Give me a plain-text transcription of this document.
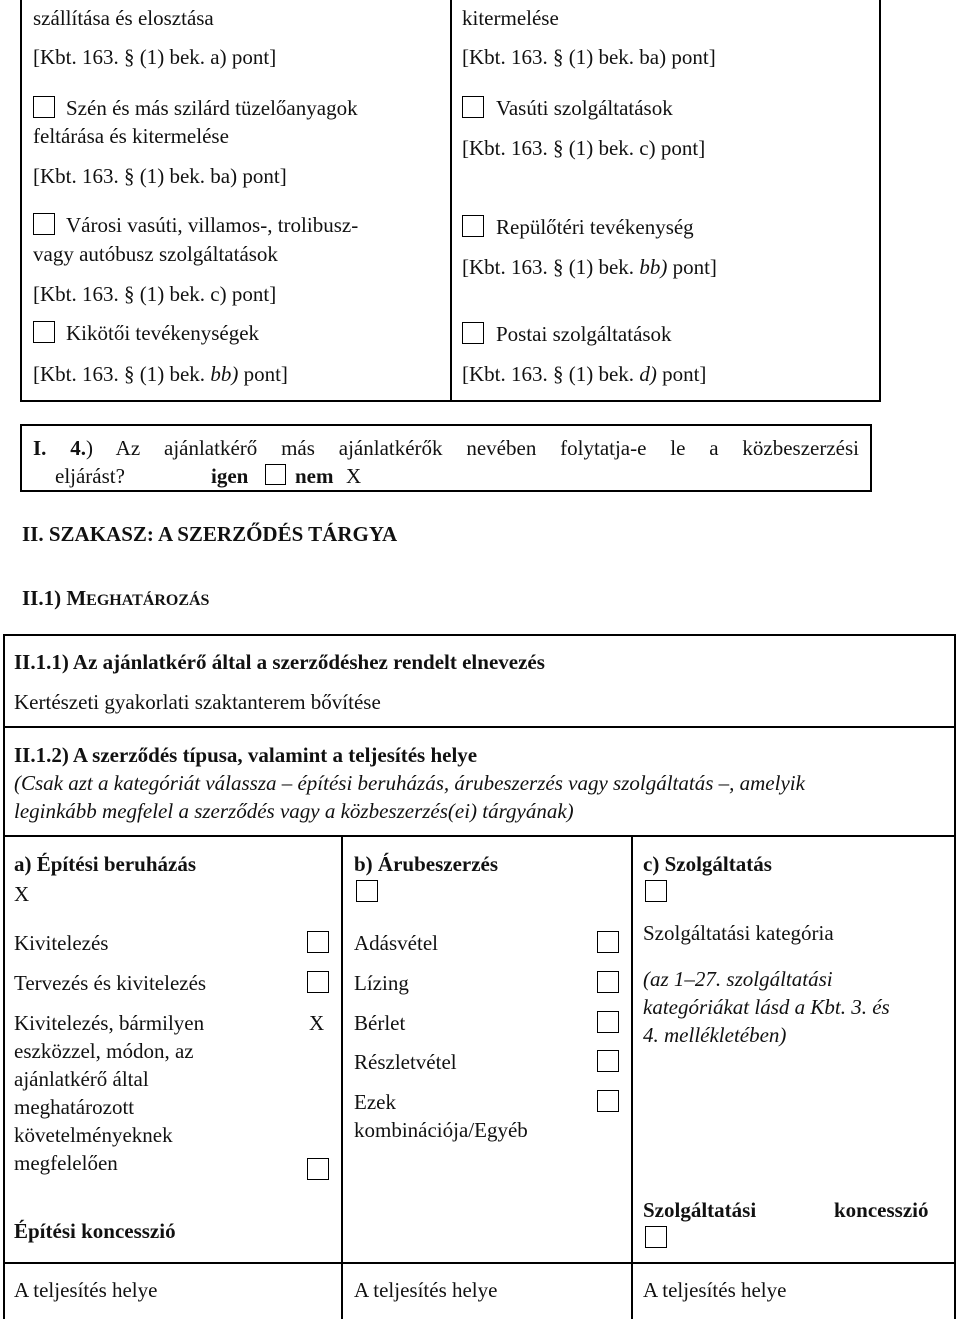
szállítása és elosztása
[Kbt. 163. § (1) bek. a) pont]
Szén és más szilárd tüzelőanyagok
feltárása és kitermelése
[Kbt. 163. § (1) bek. ba) pont]
Városi vasúti, villamos-, trolibusz-
vagy autóbusz szolgáltatások
[Kbt. 163. § (1) bek. c) pont]
Kikötői tevékenységek
[Kbt. 163. § (1) bek. bb) pont]
kitermelése
[Kbt. 163. § (1) bek. ba) pont]
Vasúti szolgáltatások
[Kbt. 163. § (1) bek. c) pont]
Repülőtéri tevékenység
[Kbt. 163. § (1) bek. bb) pont]
Postai szolgáltatások
[Kbt. 163. § (1) bek. d) pont]
I. 4.) Az ajánlatkérő más ajánlatkérők nevében folytatja-e le a közbeszerzési
eljárást?	igen nem X
II. SZAKASZ: A SZERZŐDÉS TÁRGYA
II.1) MEGHATÁROZÁS
II.1.1) Az ajánlatkérő által a szerződéshez rendelt elnevezés
Kertészeti gyakorlati szaktanterem bővítése
II.1.2) A szerződés típusa, valamint a teljesítés helye
(Csak azt a kategóriát válassza – építési beruházás, árubeszerzés vagy szolgáltatás –, amelyik
leginkább megfelel a szerződés vagy a közbeszerzés(ei) tárgyának)
a) Építési beruházás
X
Kivitelezés
Tervezés és kivitelezés
Kivitelezés, bármilyen
eszközzel, módon, az
ajánlatkérő által
meghatározott
követelményeknek
megfelelően
X
Építési koncesszió
A teljesítés helye
b) Árubeszerzés
Adásvétel
Lízing
Bérlet
Részletvétel
Ezek
kombinációja/Egyéb
A teljesítés helye
c) Szolgáltatás
Szolgáltatási kategória
(az 1–27. szolgáltatási
kategóriákat lásd a Kbt. 3. és
4. mellékletében)
Szolgáltatási	koncesszió
A teljesítés helye
